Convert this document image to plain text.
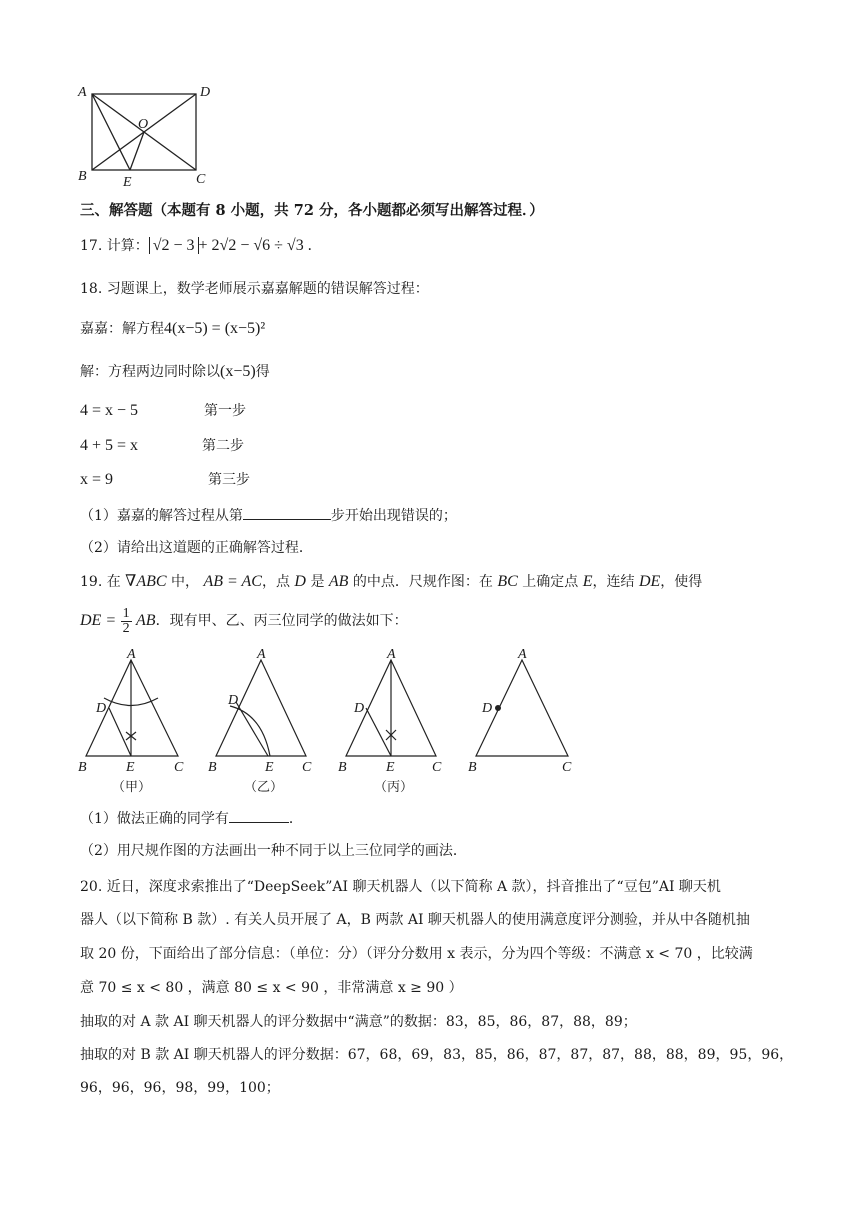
A	D
O
B	E	C
三、解答题（本题有 8 小题，共 72 分，各小题都必须写出解答过程．）
17. 计算： √2 − 3 + 2√2 − √6 ÷ √3 .
18. 习题课上，数学老师展示嘉嘉解题的错误解答过程：
嘉嘉：解方程4(x−5) = (x−5)²
解：方程两边同时除以(x−5)得
4 = x − 5	第一步
4 + 5 = x	第二步
x = 9	第三步
（1）嘉嘉的解答过程从第	步开始出现错误的；
（2）请给出这道题的正确解答过程．
19. 在 ∇ABC 中， AB = AC，点 D 是 AB 的中点．尺规作图：在 BC 上确定点 E，连结 DE，使得
DE = $\frac{1}{2}$ AB．现有甲、乙、丙三位同学的做法如下：
A
D
B	E	C
（甲）
A
D
B	E C
（乙）
A
D
B	E	C
（丙）
A
D
B	C
（1）做法正确的同学有	．
（2）用尺规作图的方法画出一种不同于以上三位同学的画法．
20. 近日，深度求索推出了“DeepSeek”AI 聊天机器人（以下简称 A 款），抖音推出了“豆包”AI 聊天机
器人（以下简称 B 款）. 有关人员开展了 A，B 两款 AI 聊天机器人的使用满意度评分测验，并从中各随机抽
取 20 份，下面给出了部分信息：（单位：分）（评分分数用 x 表示，分为四个等级：不满意 x < 70 ，比较满
意 70 ≤ x < 80 ，满意 80 ≤ x < 90 ，非常满意 x ≥ 90 ）
抽取的对 A 款 AI 聊天机器人的评分数据中“满意”的数据：83，85，86，87，88，89；
抽取的对 B 款 AI 聊天机器人的评分数据：67，68，69，83，85，86，87，87，87，88，88，89，95，96，
96，96，96，98，99，100；
